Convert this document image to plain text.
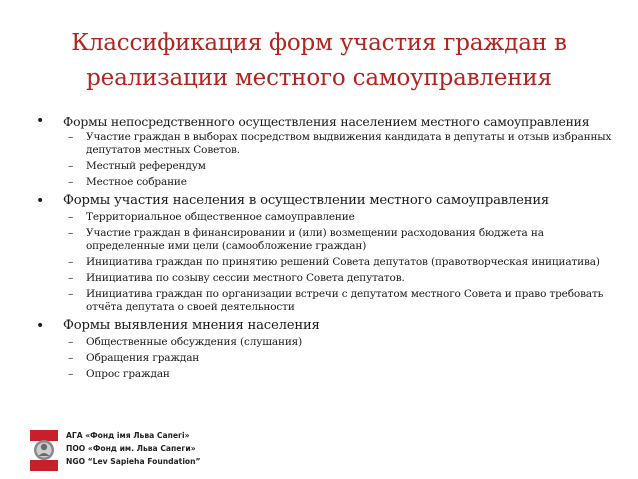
Классификация форм участия граждан в
реализации местного самоуправления
• Формы непосредственного осуществления населением местного самоуправления
– Участие граждан в выборах посредством выдвижения кандидата в депутаты и отзыв избранных депутатов местных Советов.
– Местный референдум
– Местное собрание
• Формы участия населения в осуществлении местного самоуправления
– Территориальное общественное самоуправление
– Участие граждан в финансировании и (или) возмещении расходования бюджета на определенные ими цели (самообложение граждан)
– Инициатива граждан по принятию решений Совета депутатов (правотворческая инициатива)
– Инициатива по созыву сессии местного Совета депутатов.
– Инициатива граждан по организации встречи с депутатом местного Совета и право требовать отчёта депутата о своей деятельности
• Формы выявления мнения населения
– Общественные обсуждения (слушания)
– Обращения граждан
– Опрос граждан
АГА «Фонд імя Льва Сапегі»
ПОО «Фонд им. Льва Сапеги»
NGO “Lev Sapieha Foundation”
